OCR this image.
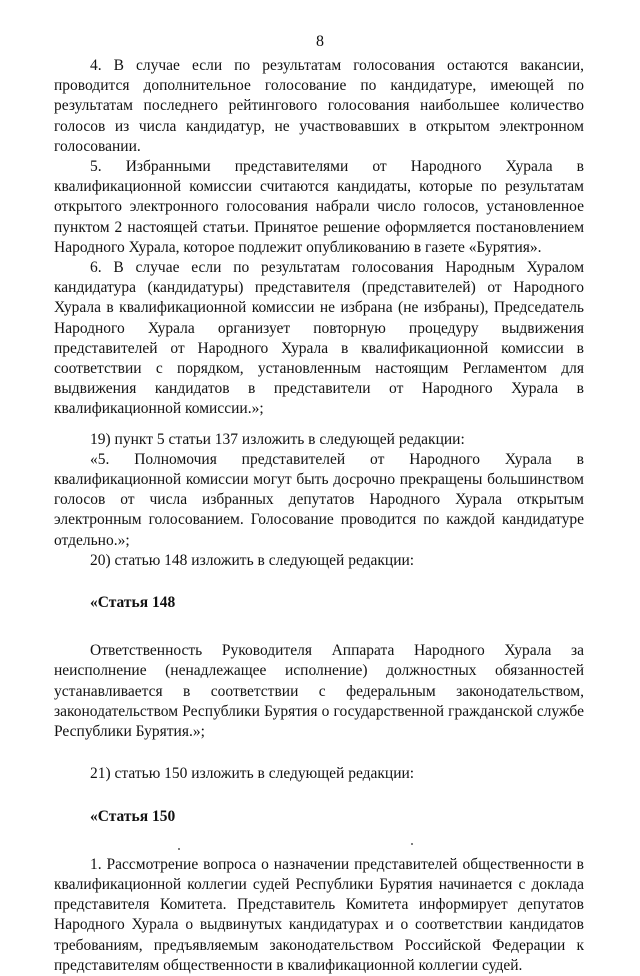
8

4. В случае если по результатам голосования остаются вакансии, проводится дополнительное голосование по кандидатуре, имеющей по результатам последнего рейтингового голосования наибольшее количество голосов из числа кандидатур, не участвовавших в открытом электронном голосовании.

5. Избранными представителями от Народного Хурала в квалификационной комиссии считаются кандидаты, которые по результатам открытого электронного голосования набрали число голосов, установленное пунктом 2 настоящей статьи. Принятое решение оформляется постановлением Народного Хурала, которое подлежит опубликованию в газете «Бурятия».

6. В случае если по результатам голосования Народным Хуралом кандидатура (кандидатуры) представителя (представителей) от Народного Хурала в квалификационной комиссии не избрана (не избраны), Председатель Народного Хурала организует повторную процедуру выдвижения представителей от Народного Хурала в квалификационной комиссии в соответствии с порядком, установленным настоящим Регламентом для выдвижения кандидатов в представители от Народного Хурала в квалификационной комиссии.»;

19) пункт 5 статьи 137 изложить в следующей редакции:

«5. Полномочия представителей от Народного Хурала в квалификационной комиссии могут быть досрочно прекращены большинством голосов от числа избранных депутатов Народного Хурала открытым электронным голосованием. Голосование проводится по каждой кандидатуре отдельно.»;

20) статью 148 изложить в следующей редакции:

«Статья 148

Ответственность Руководителя Аппарата Народного Хурала за неисполнение (ненадлежащее исполнение) должностных обязанностей устанавливается в соответствии с федеральным законодательством, законодательством Республики Бурятия о государственной гражданской службе Республики Бурятия.»;

21) статью 150 изложить в следующей редакции:

«Статья 150

1. Рассмотрение вопроса о назначении представителей общественности в квалификационной коллегии судей Республики Бурятия начинается с доклада представителя Комитета. Представитель Комитета информирует депутатов Народного Хурала о выдвинутых кандидатурах и о соответствии кандидатов требованиям, предъявляемым законодательством Российской Федерации к представителям общественности в квалификационной коллегии судей.
